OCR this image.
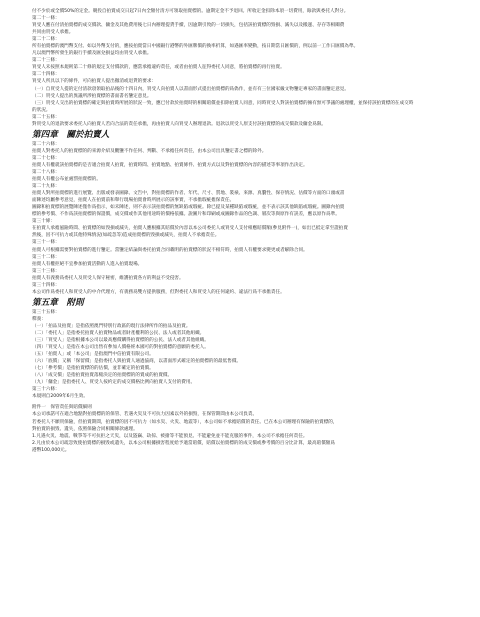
付不少於或全價50%的定金。競投自拍賣成交日起7日內全額付清方可領取拍賣標的。逾期定金不予退回。所收定金扣除本項一切費用，餘款與委托人對分。
第二十一條：
買受人應在付清拍賣標的成交價款、傭金及其他費用後七日內辦理提貨手續，因逾期引致的一切損失，包括該拍賣標的毀損、滅失以及搬運、存存等相關費
共同由買受人承擔。
第二十二條：
所有拍賣標的澳門幣支付。如以外幣支付的，應按拍賣當日中國銀行港幣的外匯牌價的換率折算，如遇匯率變動，按日期當日匯價的，例以前一工作日匯價為準。
凡以澳門幣所發生的銀行手續及匯兌損益均由買受人承擔。
第二十三條：
買受人未按照本規則第二十條的規定支付價款的，應當承擔違約責任，或者由拍賣人征得委托人同意，將拍賣標的再行拍賣。
第二十四條：
買受人所具以下的條件，可向拍賣人提出撤消或退貨的要求：
（一）自買受人提的定付清款項領取拍品後的十四日內，買受人向拍賣人以書面形式提出拍賣標的爲偽作，並有有三位國家級文物鑒定專家的書面鑒定意見。
（二）買受人提出的異議所涉拍賣標的書面書名鑒定意見。
（三）買受人交出的拍賣標的確定與拍賣時所展的狀況一致，應已付款於拍賣時的相關賠償並扣除拍賣人同意，同時買受人對該拍賣標的擁有無可爭議的處理權，並保持該拍賣標的在成交時
的狀況。
第二十五條：
對買受人的退款要求委托人向拍賣人若向合法的責任承擔，再由拍賣人向買受人辦理退款。退款以買受人原支付該拍賣標的成交價款及傭金爲限。
第四章　關於拍賣人
第二十六條：
拍賣人對委托人的拍賣標的的來源介紹及觀鑒不作任何、判斷、不承擔任何責任，由本公司出具鑒定書之標的除外。
第二十七條：
拍賣人有權就該拍賣標的是否適合拍賣人拍賣，拍賣時間、拍賣地點、拍賣條件、拍賣方式以及對拍賣標的內容的描述等事項作出決定。
第二十八條：
拍賣人有權公布並處罰拍賣標的。
第二十九條：
拍賣人對所拍賣標的進行展覽、出版或發表圖錄、文告中，對拍賣標的作者、年代、尺寸、質地、裝裱、來源、真贗性、保存情況、估價等方面的口頭或書
面陳述均屬參考意見，拍賣人在拍賣前和舉行現場拍賣會時所展示的該事實，不承擔瑕疵擔保責任。
圖錄和拍賣標的展覽陳述僅作爲指示，如未陳述，則不表示該拍賣標的無缺陷或瑕疵。除已提及某種缺陷或瑕疵，並不表示該其他缺陷或瑕疵。圖錄內拍賣
標的參考價、不作爲該拍賣標的保證價，成交價或作其他用途時的價格依據。說圖片和印刷或成圖錄作品的色調、層次等與原作有誤差，應以原作爲準。
第三十條：
在拍賣人承擔風險時間、拍賣標的如毀損或滅失，拍賣人應根據其賠償於內容以本公司委托人或買受人支付相應賠償額(參見附件一)，如出已抵定拿至證拍賣
然後，因不可抗力或其他特殊情況(如疏忽等)造成拍賣標的毀損或滅失，拍賣人不承擔責任。
第三十一條：
拍賣人可根據需要對拍賣標的進行鑒定。當鑒定結論與委托拍賣合同載明的拍賣標的狀況不相符時，拍賣人有權要求變更或者解除合同。
第三十二條：
拍賣人有權拒絕不宜參加拍賣活動的人進入拍賣現場。
第三十三條：
拍賣人有義務爲委托人及買受人保守秘密，維護拍賣各方的利益不受侵害。
第三十四條：
本公司作爲委托人和買受人的中介代理方，有義務爲雙方提供服務，但對委托人和買受人的任何違約、違法行爲不承擔責任。
第五章　附則
第三十五條：
釋義：
（一）「拍品及拍賣」是指依照澳門特別行政區的現行法律所作的拍品及拍賣。
（二）「委托人」是指委托拍賣人拍賣物品或者財產權利的公民、法人或者其他組織。
（三）「買受人」是指根據本公司以最高應價購得拍賣標的的公民、法人或者其他組織。
（四）「買受人」是指在本公司出售有參加人價格經本國可的對拍賣標的意願的委托人。
（五）「拍賣人」或「本公司」是指澳門中信拍賣有限公司。
（六）「底價」又稱「保留價」是指委托人與拍賣人通過協商，以書面形式確定的拍賣標的的最低售價。
（七）「參考價」是指拍賣標的的估價，並非確定的拍賣價。
（八）「成交價」是指拍賣拍賣落槌決定的拍賣標的的賣成的拍賣價。
（九）「傭金」是指委托人、買受人按約定的成交價格比例向拍賣人支付的費用。
第三十六條：
本規則自2009年6月生效。
附件一　保管責任與賠償細則
本公司承諾可在適合地點對拍賣標的的保管、若遇火災及不可抗力因素以外的損毀，在保管期間由本公司負責。
若委托人不願買保險，但拍賣期間，拍賣標的因不可抗力（如水災、火災、地震等），本公司如不承擔賠償的責任。已在本公司辦理有保險的拍賣標的，
對拍賣的損毀、遺失，依照保險合同相關條款處理。
1.凡遇火災、地震、戰爭等不可抗拒之天災，以及盜竊、劫掠、被搶等不能預見、不能避免並不能克服的事件，本公司不承擔任何責任。
2.凡由於本公司疏忽致使拍賣標的損毀或遺失，以本公司根據損害程度給予適當賠償，賠償以拍賣標的的成交價或參考價的百分比計算，最高賠償額爲
港幣100,000元。
